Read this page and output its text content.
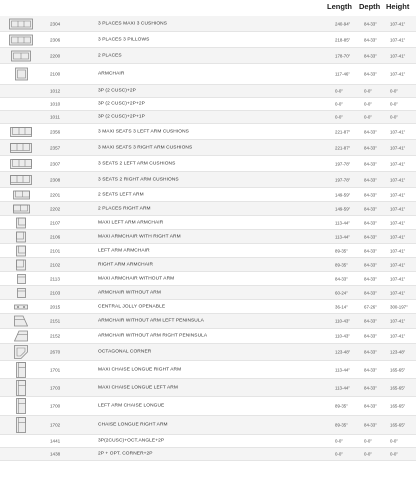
Length Depth Height
2304	3 PLACES MAXI 3 CUSHIONS	240-94"	84-33"	107-41"
2306	3 PLACES 3 PILLOWS	218-85"	84-33"	107-41"
2200	2 PLACES	178-70"	84-33"	107-41"
2100	ARMCHAIR	117-46"	84-33"	107-41"
1012	3P (2 CUSC)+2P	0-0"	0-0"	0-0"
1010	3P (2 CUSC)+2P+2P	0-0"	0-0"	0-0"
1011	3P (2 CUSC)+2P+1P	0-0"	0-0"	0-0"
2356	3 MAXI SEATS 3 LEFT ARM CUSHIONS	221-87"	84-33"	107-41"
2357	3 MAXI SEATS 3 RIGHT ARM CUSHIONS	221-87"	84-33"	107-41"
2307	3 SEATS 2 LEFT ARM CUSHIONS	197-78"	84-33"	107-41"
2308	3 SEATS 2 RIGHT ARM CUSHIONS	197-78"	84-33"	107-41"
2201	2 SEATS LEFT ARM	149-59"	84-33"	107-41"
2202	2 PLACES RIGHT ARM	149-59"	84-33"	107-41"
2107	MAXI LEFT ARM ARMCHAIR	113-44"	84-33"	107-41"
2106	MAXI ARMCHAIR WITH RIGHT ARM	113-44"	84-33"	107-41"
2101	LEFT ARM ARMCHAIR	89-35"	84-33"	107-41"
2102	RIGHT ARM ARMCHAIR	89-35"	84-33"	107-41"
2113	MAXI ARMCHAIR WITHOUT ARM	84-33"	84-33"	107-41"
2103	ARMCHAIR WITHOUT ARM	60-24"	84-33"	107-41"
2015	CENTRAL JOLLY OPENABLE	36-14"	67-26"	300-197"
2151	ARMCHAIR WITHOUT ARM LEFT PENINSULA	110-43"	84-33"	107-41"
2152	ARMCHAIR WITHOUT ARM RIGHT PENINSULA	110-43"	84-33"	107-41"
2670	OCTAGONAL CORNER	123-48"	84-33"	123-48"
1701	MAXI CHAISE LONGUE RIGHT ARM	113-44"	84-33"	165-65"
1703	MAXI CHAISE LONGUE LEFT ARM	113-44"	84-33"	165-65"
1700	LEFT ARM CHAISE LONGUE	89-35"	84-33"	165-65"
1702	CHAISE LONGUE RIGHT ARM	89-35"	84-33"	165-65"
1441	3P(2CUSC)+OCT.ANGLE+2P	0-0"	0-0"	0-0"
1438	2P + OPT. CORNER+2P	0-0"	0-0"	0-0"
